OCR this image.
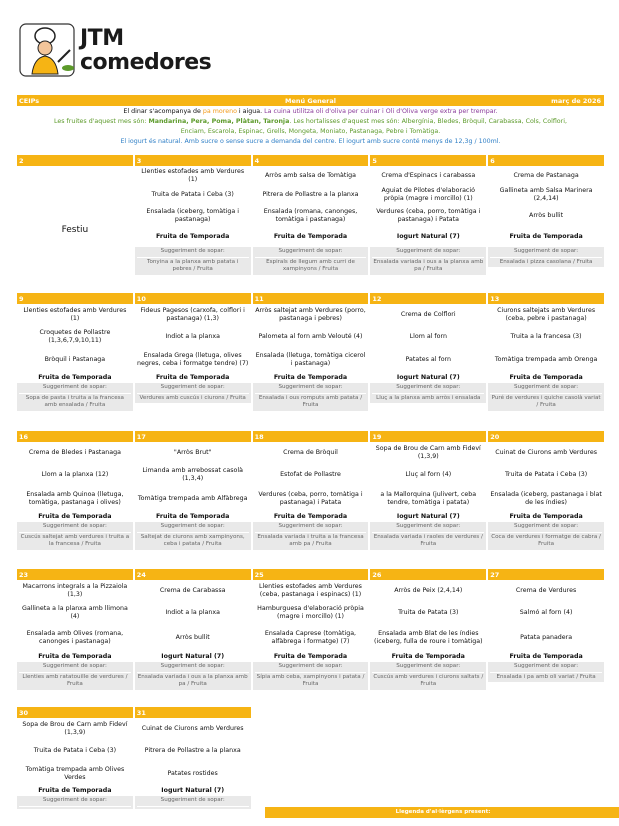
JTM
comedores
Menú General
CEIPs	març de 2026
El dinar s'acompanya de pa moreno i aigua. La cuina utilitza oli d'oliva per cuinar i Oli d'Oliva verge extra per trempar.
Les fruites d'aquest mes són: Mandarina, Pera, Poma, Plàtan, Taronja. Les hortalisses d'aquest mes són: Albergínia, Bledes, Bròquil, Carabassa, Cols, Colflori,
Enciam, Escarola, Espinac, Grells, Mongeta, Moniato, Pastanaga, Pebre i Tomàtiga.
El iogurt és natural. Amb sucre o sense sucre a demanda del centre. El iogurt amb sucre conté menys de 12,3g / 100ml.
2
Festiu
3
Llenties estofades amb Verdures (1)
Truita de Patata i Ceba (3)
Ensalada (iceberg, tomàtiga i pastanaga)
Fruita de Temporada
Suggeriment de sopar:
Tonyina a la planxa amb patata i pebres / Fruita
4
Arròs amb salsa de Tomàtiga
Pitrera de Pollastre a la planxa
Ensalada (romana, canonges, tomàtiga i pastanaga)
Fruita de Temporada
Suggeriment de sopar:
Espirals de llegum amb curri de xampinyons / Fruita
5
Crema d'Espinacs i carabassa
Aguiat de Pilotes d'elaboració pròpia (magre i morcillo) (1)
Verdures (ceba, porro, tomàtiga i pastanaga) i Patata
Iogurt Natural (7)
Suggeriment de sopar:
Ensalada variada i ous a la planxa amb pa / Fruita
6
Crema de Pastanaga
Gallineta amb Salsa Marinera (2,4,14)
Arròs bullit
Fruita de Temporada
Suggeriment de sopar:
Ensalada i pizza casolana / Fruita
9
Llenties estofades amb Verdures (1)
Croquetes de Pollastre (1,3,6,7,9,10,11)
Bròquil i Pastanaga
Fruita de Temporada
Suggeriment de sopar:
Sopa de pasta i truita a la francesa amb ensalada / Fruita
10
Fideus Pagesos (carxofa, colflori i pastanaga) (1,3)
Indiot a la planxa
Ensalada Grega (lletuga, olives negres, ceba i formatge tendre) (7)
Fruita de Temporada
Suggeriment de sopar:
Verdures amb cuscús i ciurons / Fruita
11
Arròs saltejat amb Verdures (porro, pastanaga i pebres)
Palometa al forn amb Velouté (4)
Ensalada (lletuga, tomàtiga cicerol i pastanaga)
Fruita de Temporada
Suggeriment de sopar:
Ensalada i ous romputs amb patata / Fruita
12
Crema de Colflori
Llom al forn
Patates al forn
Iogurt Natural (7)
Suggeriment de sopar:
Lluç a la planxa amb arròs i ensalada
13
Ciurons saltejats amb Verdures (ceba, pebre i pastanaga)
Truita a la francesa (3)
Tomàtiga trempada amb Orenga
Fruita de Temporada
Suggeriment de sopar:
Puré de verdures i quiche casolà variat / Fruita
16
Crema de Bledes i Pastanaga
Llom a la planxa (12)
Ensalada amb Quinoa (lletuga, tomàtiga, pastanaga i olives)
Fruita de Temporada
Suggeriment de sopar:
Cuscús saltejat amb verdures i truita a la francesa / Fruita
17
"Arròs Brut"
Limanda amb arrebossat casolà (1,3,4)
Tomàtiga trempada amb Alfàbrega
Fruita de Temporada
Suggeriment de sopar:
Saltejat de ciurons amb xampinyons, ceba i patata / Fruita
18
Crema de Bròquil
Estofat de Pollastre
Verdures (ceba, porro, tomàtiga i pastanaga) i Patata
Fruita de Temporada
Suggeriment de sopar:
Ensalada variada i truita a la francesa amb pa / Fruita
19
Sopa de Brou de Carn amb Fideví (1,3,9)
Lluç al forn (4)
a la Mallorquina (julivert, ceba tendre, tomàtiga i patata)
Iogurt Natural (7)
Suggeriment de sopar:
Ensalada variada i raoles de verdures / Fruita
20
Cuinat de Ciurons amb Verdures
Truita de Patata i Ceba (3)
Ensalada (iceberg, pastanaga i blat de les índies)
Fruita de Temporada
Suggeriment de sopar:
Coca de verdures i formatge de cabra / Fruita
23
Macarrons integrals a la Pizzaiola (1,3)
Gallineta a la planxa amb llimona (4)
Ensalada amb Olives (romana, canonges i pastanaga)
Fruita de Temporada
Suggeriment de sopar:
Llenties amb ratatouille de verdures / Fruita
24
Crema de Carabassa
Indiot a la planxa
Arròs bullit
Iogurt Natural (7)
Suggeriment de sopar:
Ensalada variada i ous a la planxa amb pa / Fruita
25
Llenties estofades amb Verdures (ceba, pastanaga i espinacs) (1)
Hamburguesa d'elaboració pròpia (magre i morcillo) (1)
Ensalada Caprese (tomàtiga, alfàbrega i formatge) (7)
Fruita de Temporada
Suggeriment de sopar:
Sípia amb ceba, xampinyons i patata / Fruita
26
Arròs de Peix (2,4,14)
Truita de Patata (3)
Ensalada amb Blat de les índies (iceberg, fulla de roure i tomàtiga)
Fruita de Temporada
Suggeriment de sopar:
Cuscús amb verdures i ciurons saltats / Fruita
27
Crema de Verdures
Salmó al forn (4)
Patata panadera
Fruita de Temporada
Suggeriment de sopar:
Ensalada i pa amb oli variat / Fruita
30
Sopa de Brou de Carn amb Fideví (1,3,9)
Truita de Patata i Ceba (3)
Tomàtiga trempada amb Olives Verdes
Fruita de Temporada
Suggeriment de sopar:
31
Cuinat de Ciurons amb Verdures
Pitrera de Pollastre a la planxa
Patates rostides
Iogurt Natural (7)
Suggeriment de sopar:
Llegenda d'al·lèrgens present:
